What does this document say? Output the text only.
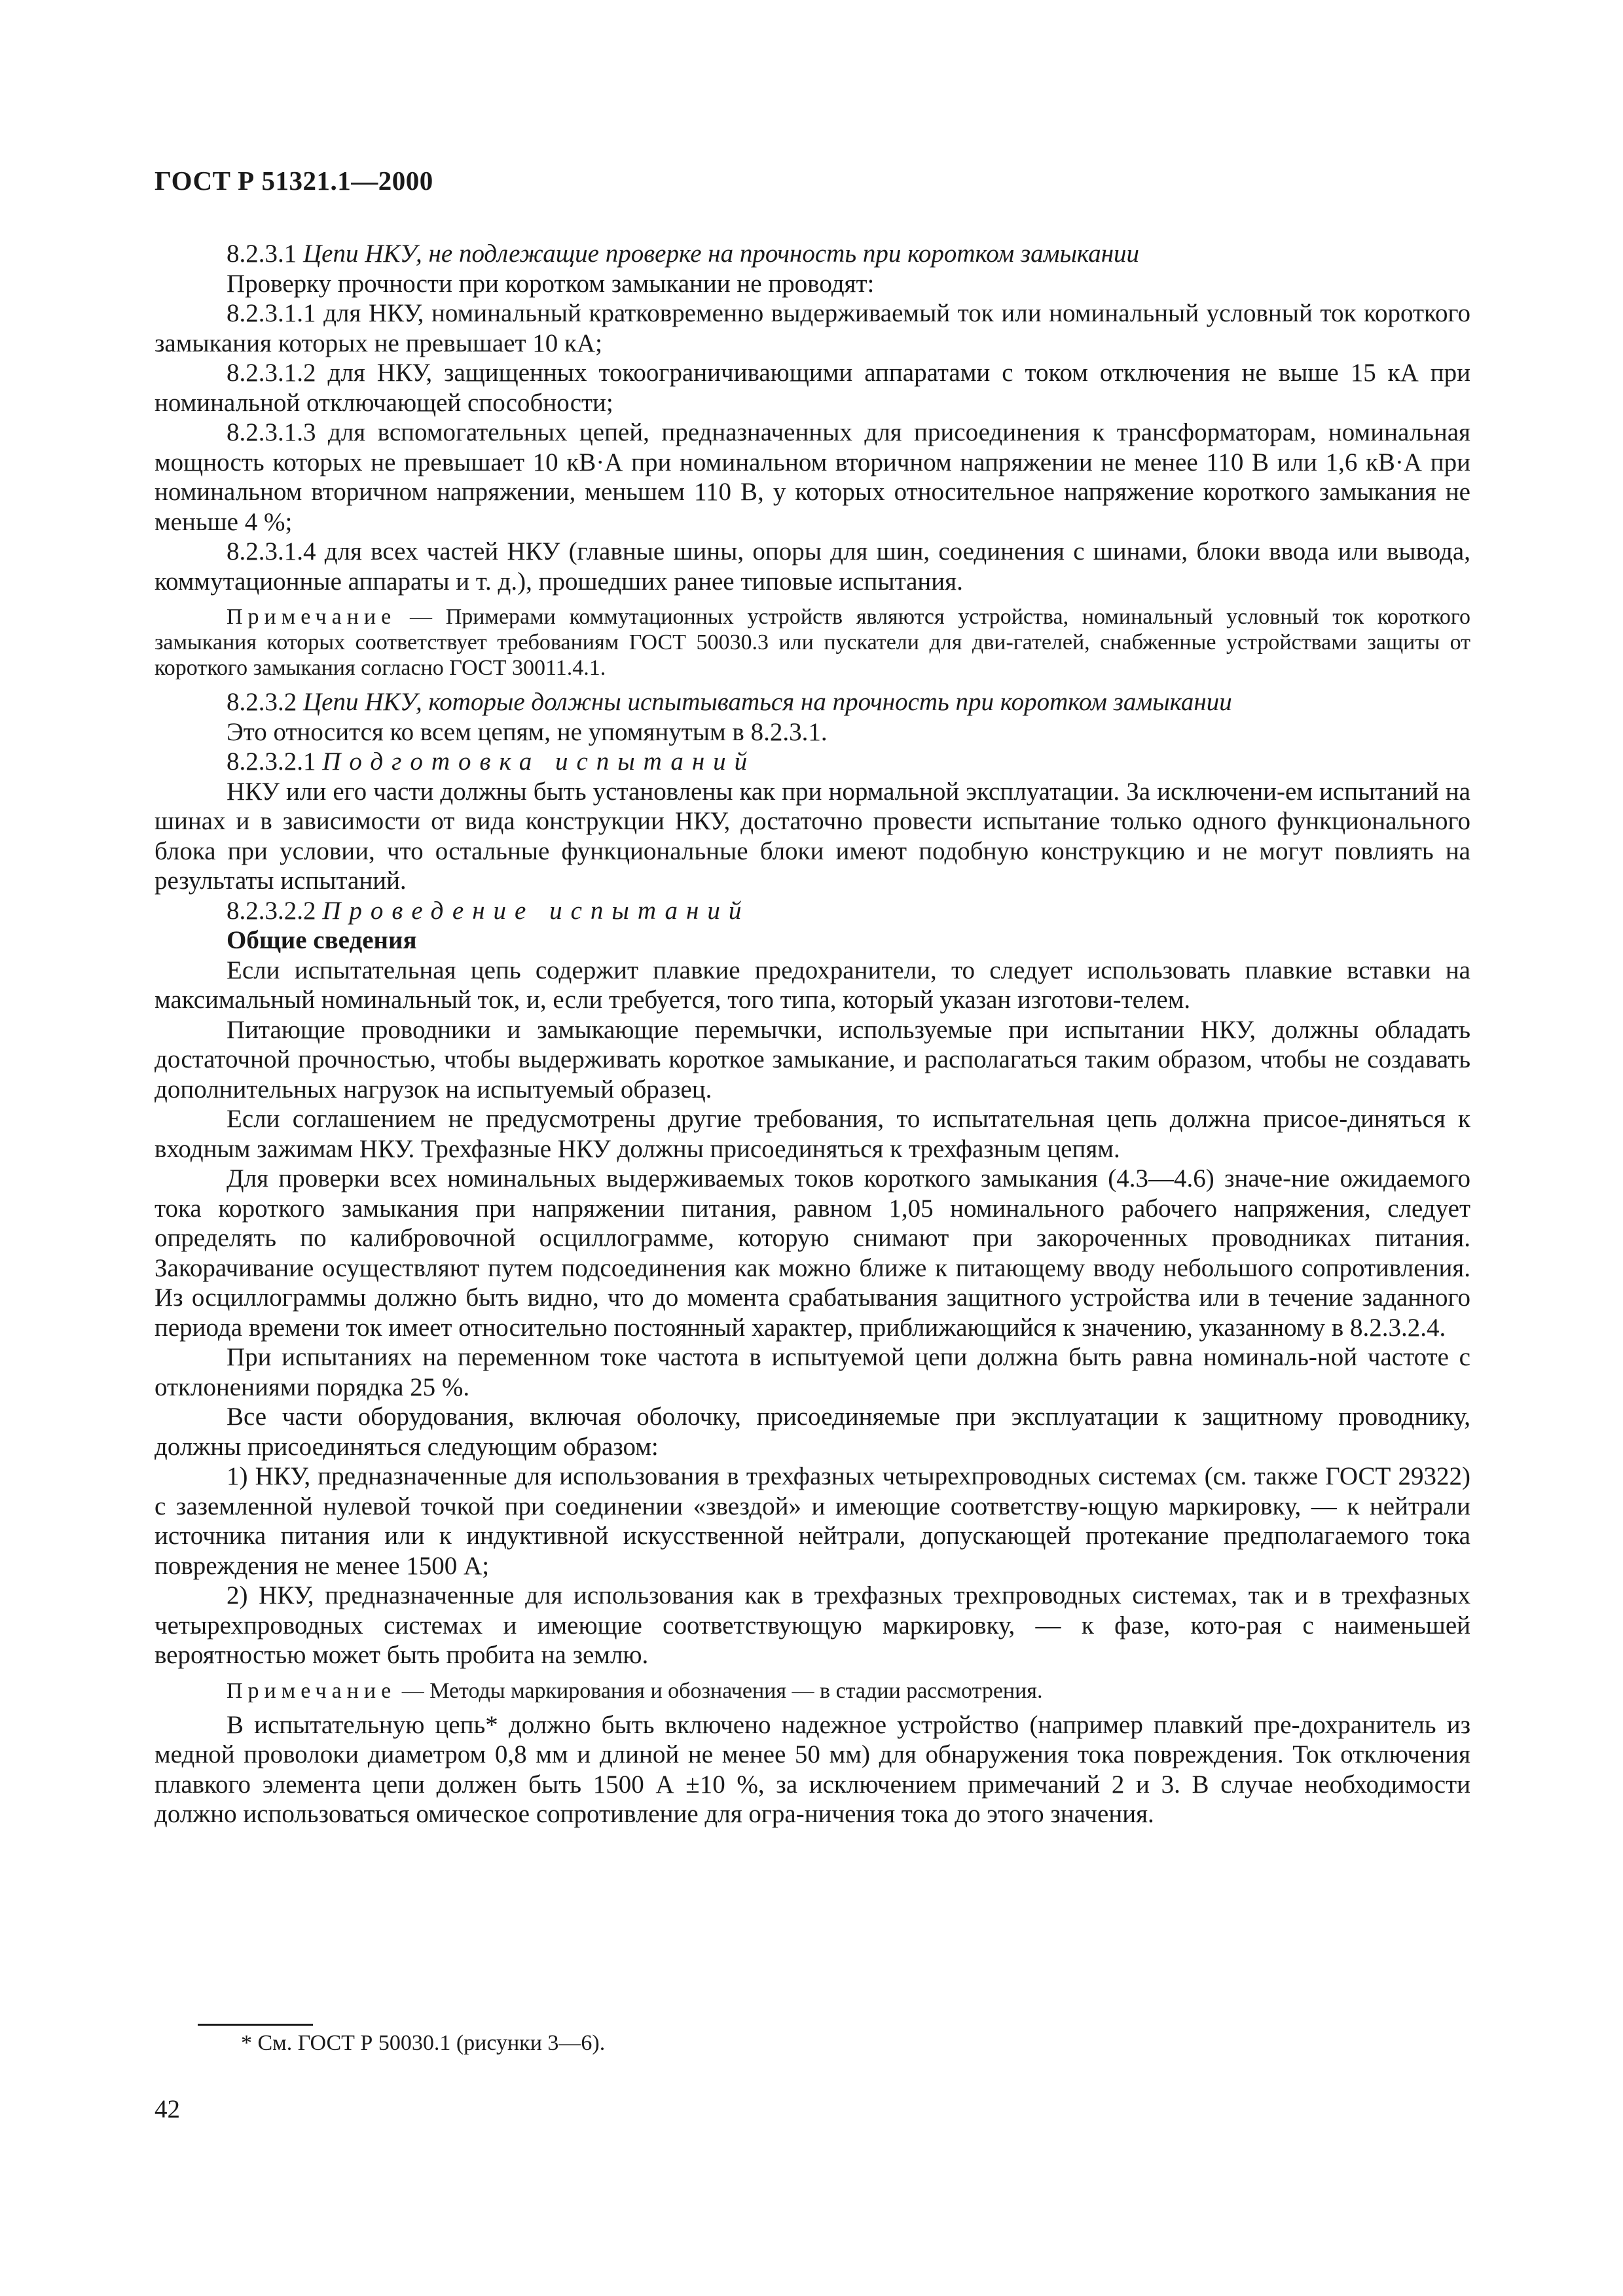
ГОСТ Р 51321.1—2000

8.2.3.1 Цепи НКУ, не подлежащие проверке на прочность при коротком замыкании

Проверку прочности при коротком замыкании не проводят:

8.2.3.1.1 для НКУ, номинальный кратковременно выдерживаемый ток или номинальный условный ток короткого замыкания которых не превышает 10 кА;

8.2.3.1.2 для НКУ, защищенных токоограничивающими аппаратами с током отключения не выше 15 кА при номинальной отключающей способности;

8.2.3.1.3 для вспомогательных цепей, предназначенных для присоединения к трансформаторам, номинальная мощность которых не превышает 10 кВ·А при номинальном вторичном напряжении не менее 110 В или 1,6 кВ·А при номинальном вторичном напряжении, меньшем 110 В, у которых относительное напряжение короткого замыкания не меньше 4 %;

8.2.3.1.4 для всех частей НКУ (главные шины, опоры для шин, соединения с шинами, блоки ввода или вывода, коммутационные аппараты и т. д.), прошедших ранее типовые испытания.

Примечание — Примерами коммутационных устройств являются устройства, номинальный условный ток короткого замыкания которых соответствует требованиям ГОСТ 50030.3 или пускатели для дви-гателей, снабженные устройствами защиты от короткого замыкания согласно ГОСТ 30011.4.1.

8.2.3.2 Цепи НКУ, которые должны испытываться на прочность при коротком замыкании

Это относится ко всем цепям, не упомянутым в 8.2.3.1.

8.2.3.2.1 Подготовка испытаний

НКУ или его части должны быть установлены как при нормальной эксплуатации. За исключени-ем испытаний на шинах и в зависимости от вида конструкции НКУ, достаточно провести испытание только одного функционального блока при условии, что остальные функциональные блоки имеют подобную конструкцию и не могут повлиять на результаты испытаний.

8.2.3.2.2 Проведение испытаний

Общие сведения

Если испытательная цепь содержит плавкие предохранители, то следует использовать плавкие вставки на максимальный номинальный ток, и, если требуется, того типа, который указан изготови-телем.

Питающие проводники и замыкающие перемычки, используемые при испытании НКУ, должны обладать достаточной прочностью, чтобы выдерживать короткое замыкание, и располагаться таким образом, чтобы не создавать дополнительных нагрузок на испытуемый образец.

Если соглашением не предусмотрены другие требования, то испытательная цепь должна присое-диняться к входным зажимам НКУ. Трехфазные НКУ должны присоединяться к трехфазным цепям.

Для проверки всех номинальных выдерживаемых токов короткого замыкания (4.3—4.6) значе-ние ожидаемого тока короткого замыкания при напряжении питания, равном 1,05 номинального рабочего напряжения, следует определять по калибровочной осциллограмме, которую снимают при закороченных проводниках питания. Закорачивание осуществляют путем подсоединения как можно ближе к питающему вводу небольшого сопротивления. Из осциллограммы должно быть видно, что до момента срабатывания защитного устройства или в течение заданного периода времени ток имеет относительно постоянный характер, приближающийся к значению, указанному в 8.2.3.2.4.

При испытаниях на переменном токе частота в испытуемой цепи должна быть равна номиналь-ной частоте с отклонениями порядка 25 %.

Все части оборудования, включая оболочку, присоединяемые при эксплуатации к защитному проводнику, должны присоединяться следующим образом:

1) НКУ, предназначенные для использования в трехфазных четырехпроводных системах (см. также ГОСТ 29322) с заземленной нулевой точкой при соединении «звездой» и имеющие соответству-ющую маркировку, — к нейтрали источника питания или к индуктивной искусственной нейтрали, допускающей протекание предполагаемого тока повреждения не менее 1500 А;

2) НКУ, предназначенные для использования как в трехфазных трехпроводных системах, так и в трехфазных четырехпроводных системах и имеющие соответствующую маркировку, — к фазе, кото-рая с наименьшей вероятностью может быть пробита на землю.

Примечание — Методы маркирования и обозначения — в стадии рассмотрения.

В испытательную цепь* должно быть включено надежное устройство (например плавкий пре-дохранитель из медной проволоки диаметром 0,8 мм и длиной не менее 50 мм) для обнаружения тока повреждения. Ток отключения плавкого элемента цепи должен быть 1500 А ±10 %, за исключением примечаний 2 и 3. В случае необходимости должно использоваться омическое сопротивление для огра-ничения тока до этого значения.

* См. ГОСТ Р 50030.1 (рисунки 3—6).
42
